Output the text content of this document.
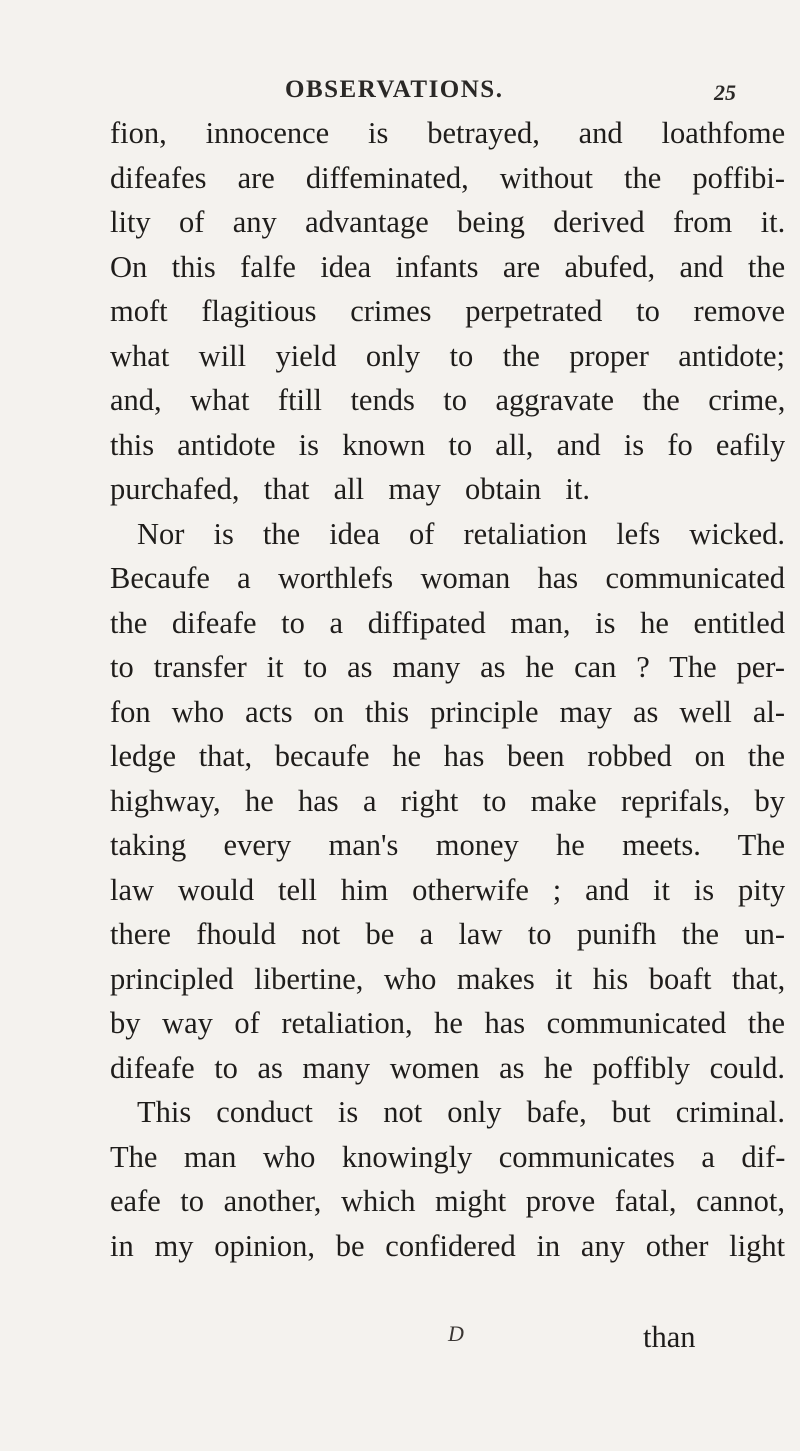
OBSERVATIONS.	25
fion, innocence is betrayed, and loathfome
difeafes are diffeminated, without the poffibi-
lity of any advantage being derived from it.
On this falfe idea infants are abufed, and the
moft flagitious crimes perpetrated to remove
what will yield only to the proper antidote;
and, what ftill tends to aggravate the crime,
this antidote is known to all, and is fo eafily
purchafed, that all may obtain it.
Nor is the idea of retaliation lefs wicked.
Becaufe a worthlefs woman has communicated
the difeafe to a diffipated man, is he entitled
to transfer it to as many as he can ? The per-
fon who acts on this principle may as well al-
ledge that, becaufe he has been robbed on the
highway, he has a right to make reprifals, by
taking every man's money he meets. The
law would tell him otherwife ; and it is pity
there fhould not be a law to punifh the un-
principled libertine, who makes it his boaft that,
by way of retaliation, he has communicated the
difeafe to as many women as he poffibly could.
This conduct is not only bafe, but criminal.
The man who knowingly communicates a dif-
eafe to another, which might prove fatal, cannot,
in my opinion, be confidered in any other light
D	than
